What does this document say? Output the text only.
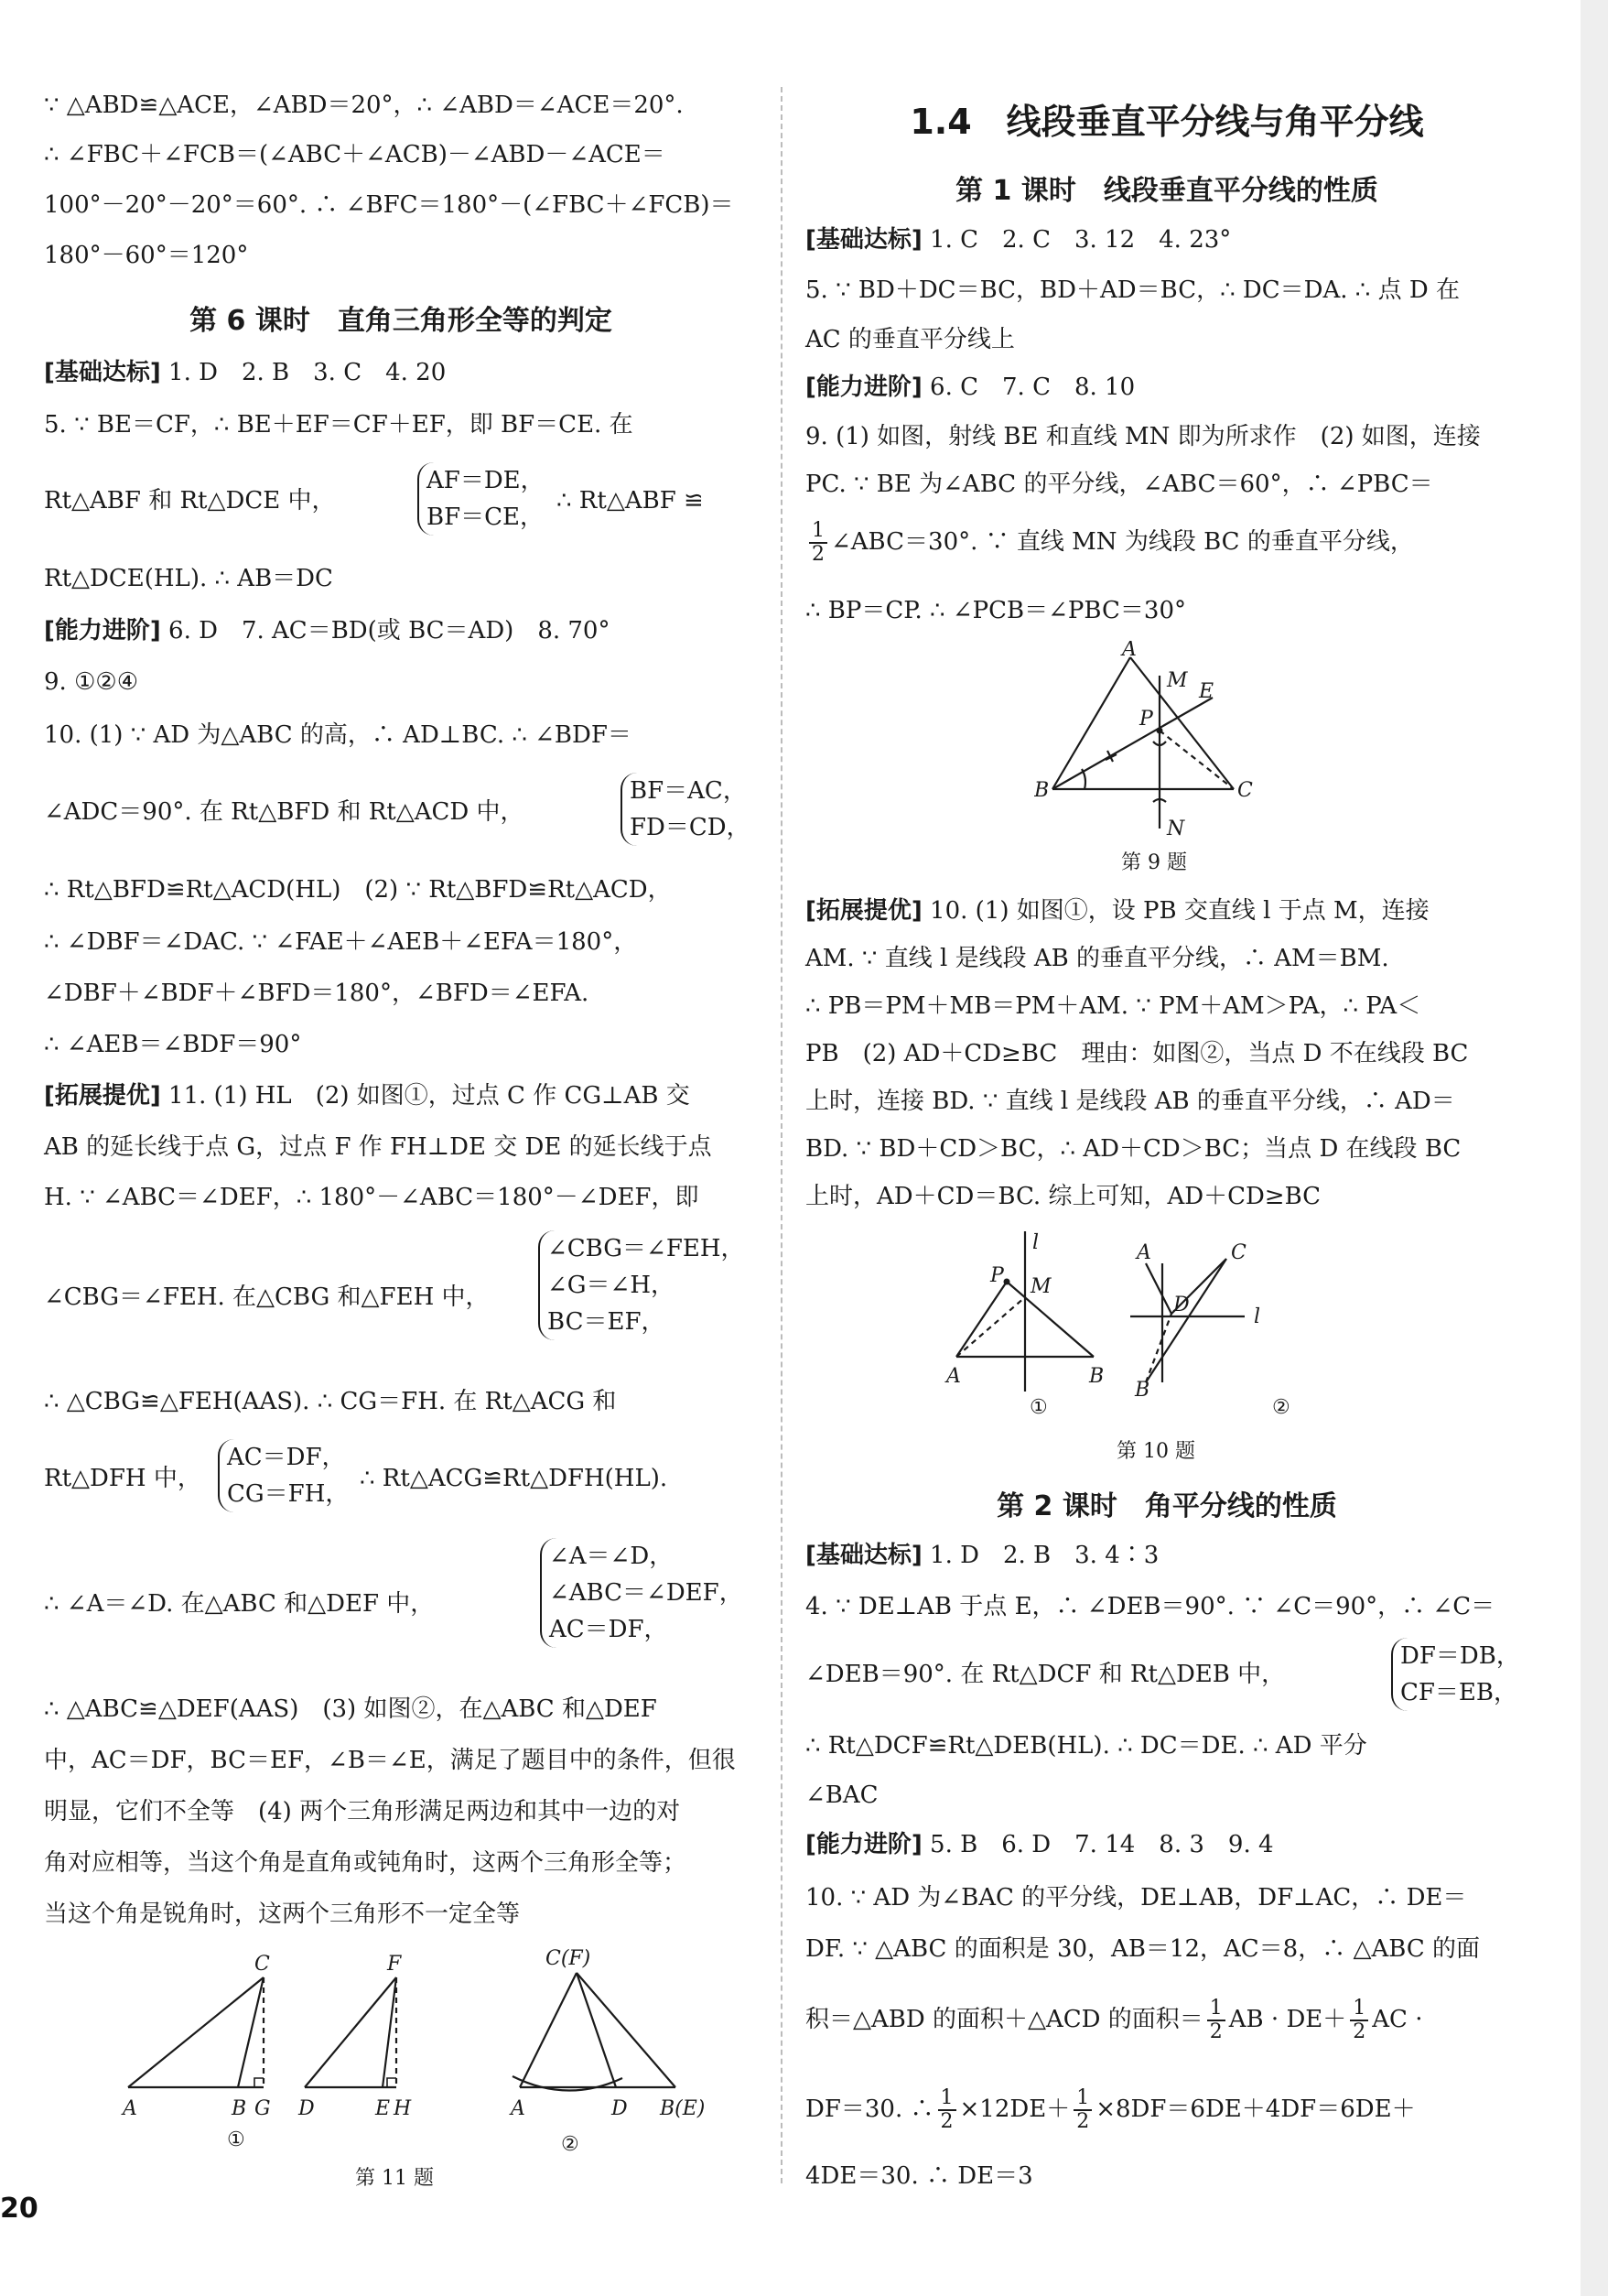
∵ △ABD≌△ACE，∠ABD＝20°，∴ ∠ABD＝∠ACE＝20°.
∴ ∠FBC＋∠FCB＝(∠ABC＋∠ACB)－∠ABD－∠ACE＝
100°－20°－20°＝60°. ∴ ∠BFC＝180°－(∠FBC＋∠FCB)＝
180°－60°＝120°
第 6 课时　直角三角形全等的判定
[基础达标] 1. D　2. B　3. C　4. 20
5. ∵ BE＝CF，∴ BE＋EF＝CF＋EF，即 BF＝CE. 在
Rt△ABF 和 Rt△DCE 中，
AF＝DE，
BF＝CE，
∴ Rt△ABF ≌
Rt△DCE(HL). ∴ AB＝DC
[能力进阶] 6. D　7. AC＝BD(或 BC＝AD)　8. 70°
9. ①②④
10. (1) ∵ AD 为△ABC 的高，∴ AD⊥BC. ∴ ∠BDF＝
∠ADC＝90°. 在 Rt△BFD 和 Rt△ACD 中，
BF＝AC，
FD＝CD，
∴ Rt△BFD≌Rt△ACD(HL)　(2) ∵ Rt△BFD≌Rt△ACD，
∴ ∠DBF＝∠DAC. ∵ ∠FAE＋∠AEB＋∠EFA＝180°，
∠DBF＋∠BDF＋∠BFD＝180°，∠BFD＝∠EFA.
∴ ∠AEB＝∠BDF＝90°
[拓展提优] 11. (1) HL　(2) 如图①，过点 C 作 CG⊥AB 交
AB 的延长线于点 G，过点 F 作 FH⊥DE 交 DE 的延长线于点
H. ∵ ∠ABC＝∠DEF，∴ 180°－∠ABC＝180°－∠DEF，即
∠CBG＝∠FEH. 在△CBG 和△FEH 中，
∠CBG＝∠FEH，
∠G＝∠H，
BC＝EF，
∴ △CBG≌△FEH(AAS). ∴ CG＝FH. 在 Rt△ACG 和
Rt△DFH 中，
AC＝DF，
CG＝FH，
∴ Rt△ACG≌Rt△DFH(HL).
∴ ∠A＝∠D. 在△ABC 和△DEF 中，
∠A＝∠D，
∠ABC＝∠DEF，
AC＝DF，
∴ △ABC≌△DEF(AAS)　(3) 如图②，在△ABC 和△DEF
中，AC＝DF，BC＝EF，∠B＝∠E，满足了题目中的条件，但很
明显，它们不全等　(4) 两个三角形满足两边和其中一边的对
角对应相等，当这个角是直角或钝角时，这两个三角形全等；
当这个角是锐角时，这两个三角形不一定全等
C
A	B G
F
D	E H
C(F)
A	D B(E)
①	②
第 11 题
1.4　线段垂直平分线与角平分线
第 1 课时　线段垂直平分线的性质
[基础达标] 1. C　2. C　3. 12　4. 23°
5. ∵ BD＋DC＝BC，BD＋AD＝BC，∴ DC＝DA. ∴ 点 D 在
AC 的垂直平分线上
[能力进阶] 6. C　7. C　8. 10
9. (1) 如图，射线 BE 和直线 MN 即为所求作　(2) 如图，连接
PC. ∵ BE 为∠ABC 的平分线，∠ABC＝60°，∴ ∠PBC＝
$\frac{1}{2}$ ∠ABC＝30°. ∵ 直线 MN 为线段 BC 的垂直平分线，
∴ BP＝CP. ∴ ∠PCB＝∠PBC＝30°
A
M E
P
B	C
N
第 9 题
[拓展提优] 10. (1) 如图①，设 PB 交直线 l 于点 M，连接
AM. ∵ 直线 l 是线段 AB 的垂直平分线，∴ AM＝BM.
∴ PB＝PM＋MB＝PM＋AM. ∵ PM＋AM＞PA，∴ PA＜
PB　(2) AD＋CD≥BC　理由：如图②，当点 D 不在线段 BC
上时，连接 BD. ∵ 直线 l 是线段 AB 的垂直平分线，∴ AD＝
BD. ∵ BD＋CD＞BC，∴ AD＋CD＞BC；当点 D 在线段 BC
上时，AD＋CD＝BC. 综上可知，AD＋CD≥BC
l
P M
A	B
A	C
D
l
B
①	②
第 10 题
第 2 课时　角平分线的性质
[基础达标] 1. D　2. B　3. 4∶3
4. ∵ DE⊥AB 于点 E，∴ ∠DEB＝90°. ∵ ∠C＝90°，∴ ∠C＝
∠DEB＝90°. 在 Rt△DCF 和 Rt△DEB 中，
DF＝DB，
CF＝EB，
∴ Rt△DCF≌Rt△DEB(HL). ∴ DC＝DE. ∴ AD 平分
∠BAC
[能力进阶] 5. B　6. D　7. 14　8. 3　9. 4
10. ∵ AD 为∠BAC 的平分线，DE⊥AB，DF⊥AC，∴ DE＝
DF. ∵ △ABC 的面积是 30，AB＝12，AC＝8，∴ △ABC 的面
积＝△ABD 的面积＋△ACD 的面积＝ $\frac{1}{2}$ AB · $DE+ \frac{1}{2}$ AC ·
DF＝30. ∴ $\frac{1}{2} \times 12DE+ \frac{1}{2} \times 8DF=6DE+4DF=6DE+$
4DE＝30. ∴ DE＝3
20
